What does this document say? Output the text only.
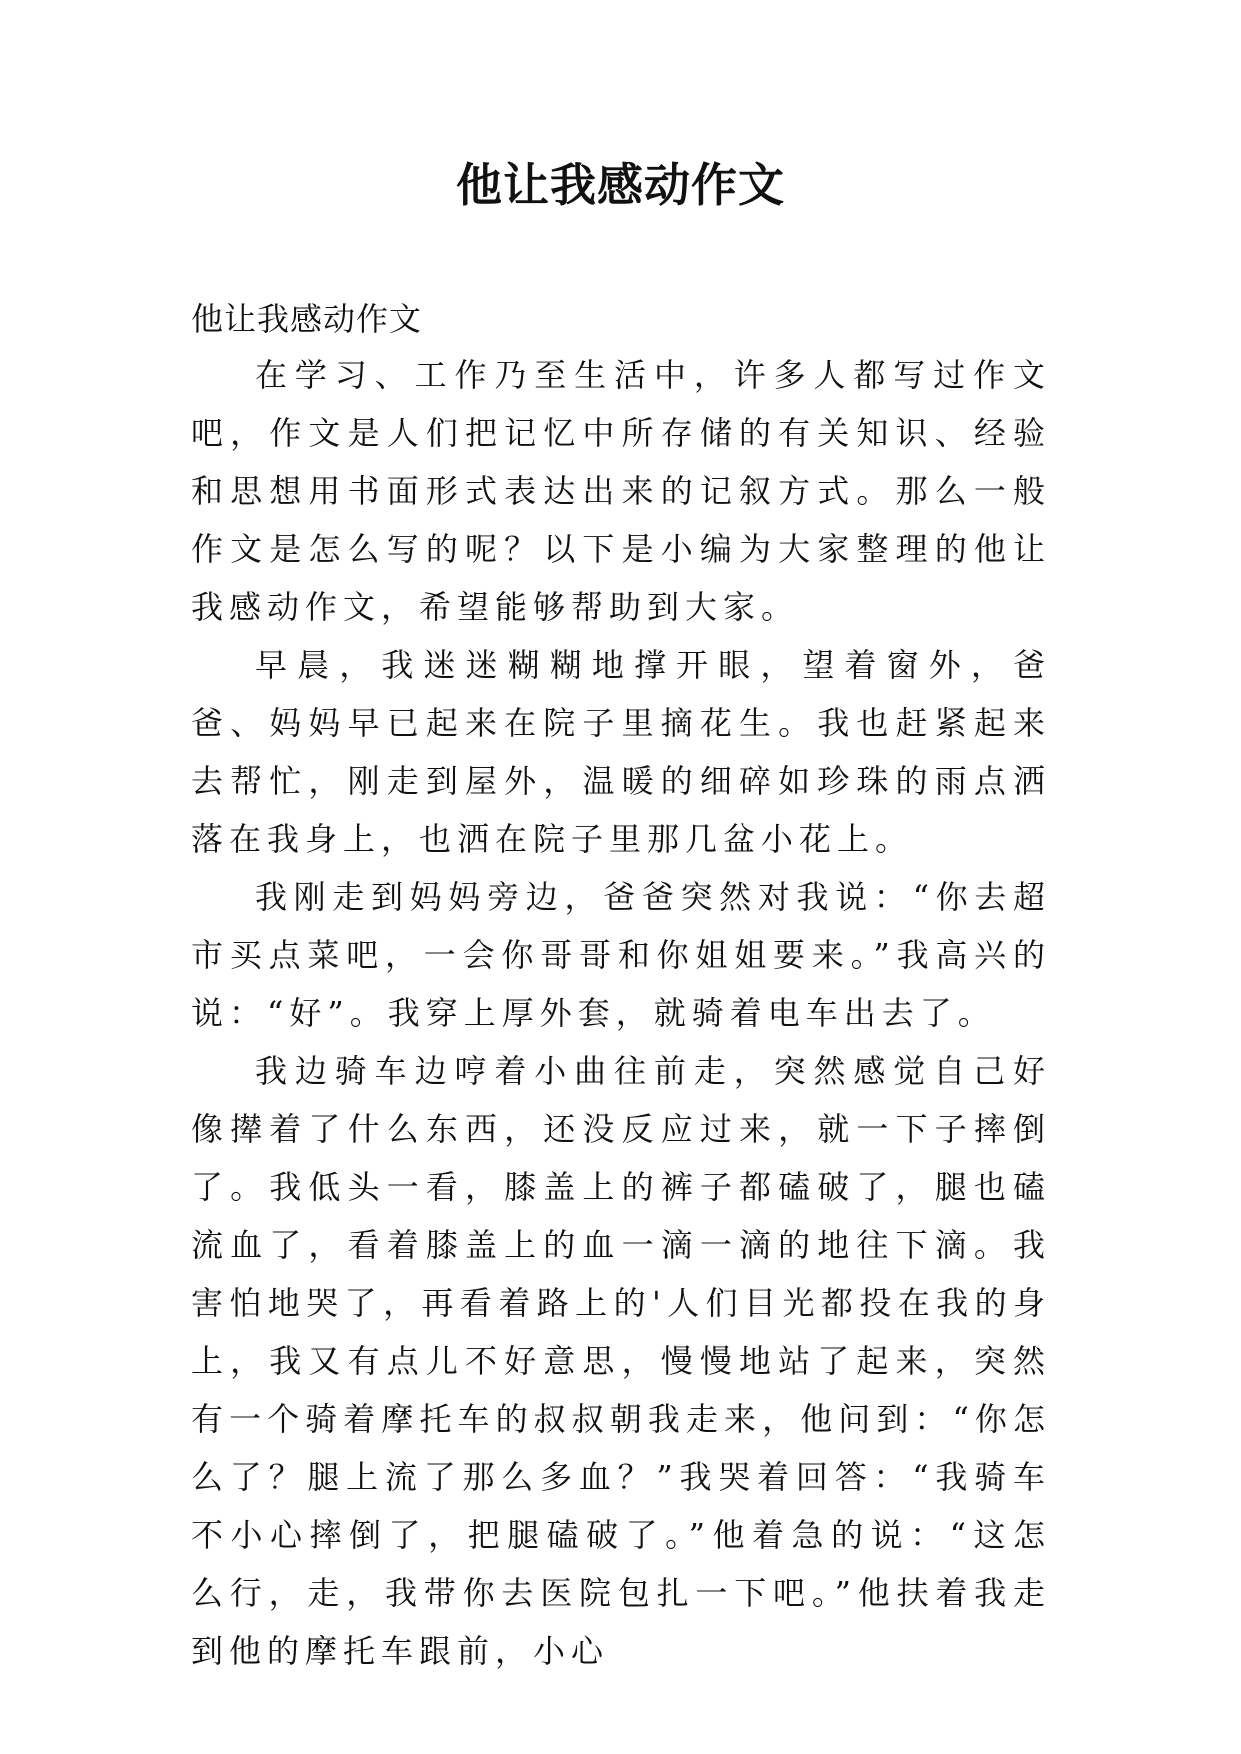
他让我感动作文
他让我感动作文

在学习、工作乃至生活中，许多人都写过作文吧，作文是人们把记忆中所存储的有关知识、经验和思想用书面形式表达出来的记叙方式。那么一般作文是怎么写的呢？以下是小编为大家整理的他让我感动作文，希望能够帮助到大家。

早晨，我迷迷糊糊地撑开眼，望着窗外，爸爸、妈妈早已起来在院子里摘花生。我也赶紧起来去帮忙，刚走到屋外，温暖的细碎如珍珠的雨点洒落在我身上，也洒在院子里那几盆小花上。

我刚走到妈妈旁边，爸爸突然对我说：“你去超市买点菜吧，一会你哥哥和你姐姐要来。”我高兴的说：“好”。我穿上厚外套，就骑着电车出去了。

我边骑车边哼着小曲往前走，突然感觉自己好像撵着了什么东西，还没反应过来，就一下子摔倒了。我低头一看，膝盖上的裤子都磕破了，腿也磕流血了，看着膝盖上的血一滴一滴的地往下滴。我害怕地哭了，再看着路上的'人们目光都投在我的身上，我又有点儿不好意思，慢慢地站了起来，突然有一个骑着摩托车的叔叔朝我走来，他问到：“你怎么了？腿上流了那么多血？”我哭着回答：“我骑车不小心摔倒了，把腿磕破了。”他着急的说：“这怎么行，走，我带你去医院包扎一下吧。”他扶着我走到他的摩托车跟前，小心
